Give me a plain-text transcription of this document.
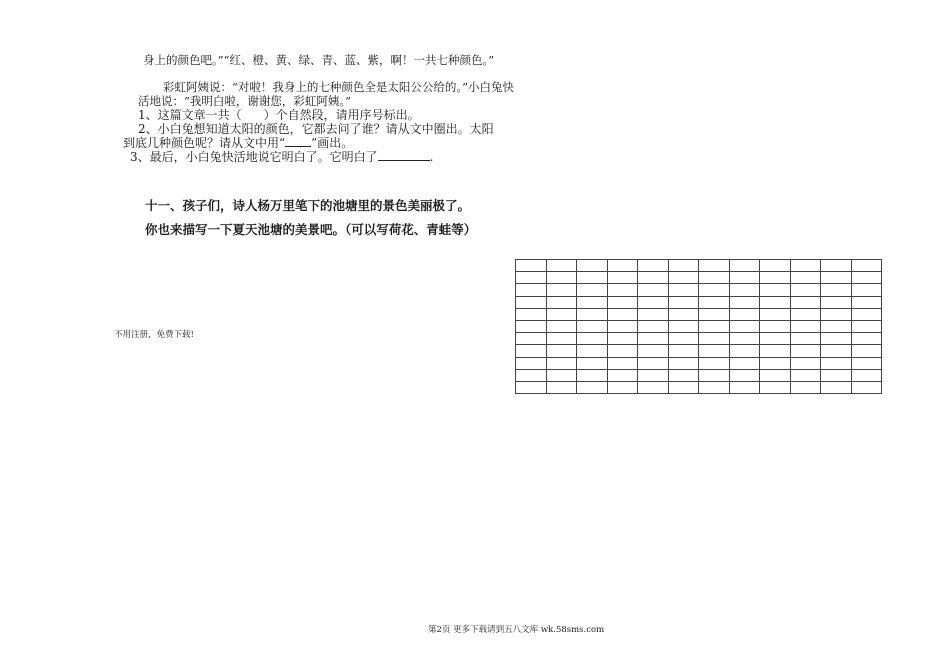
身上的颜色吧。”“红、橙、黄、绿、青、蓝、紫，啊！一共七种颜色。”
彩虹阿姨说：“对啦！我身上的七种颜色全是太阳公公给的。”小白兔快
活地说：“我明白啦，谢谢您，彩虹阿姨。”
1、这篇文章一共（ ）个自然段，请用序号标出。
2、小白兔想知道太阳的颜色，它都去问了谁？请从文中圈出。太阳
到底几种颜色呢？请从文中用“ ”画出。
3、最后，小白兔快活地说它明白了。它明白了	.
十一、孩子们，诗人杨万里笔下的池塘里的景色美丽极了。
你也来描写一下夏天池塘的美景吧。（可以写荷花、青蛙等）
不用注册，免费下载!

第2页 更多下载请到五八文库 wk.58sms.com
